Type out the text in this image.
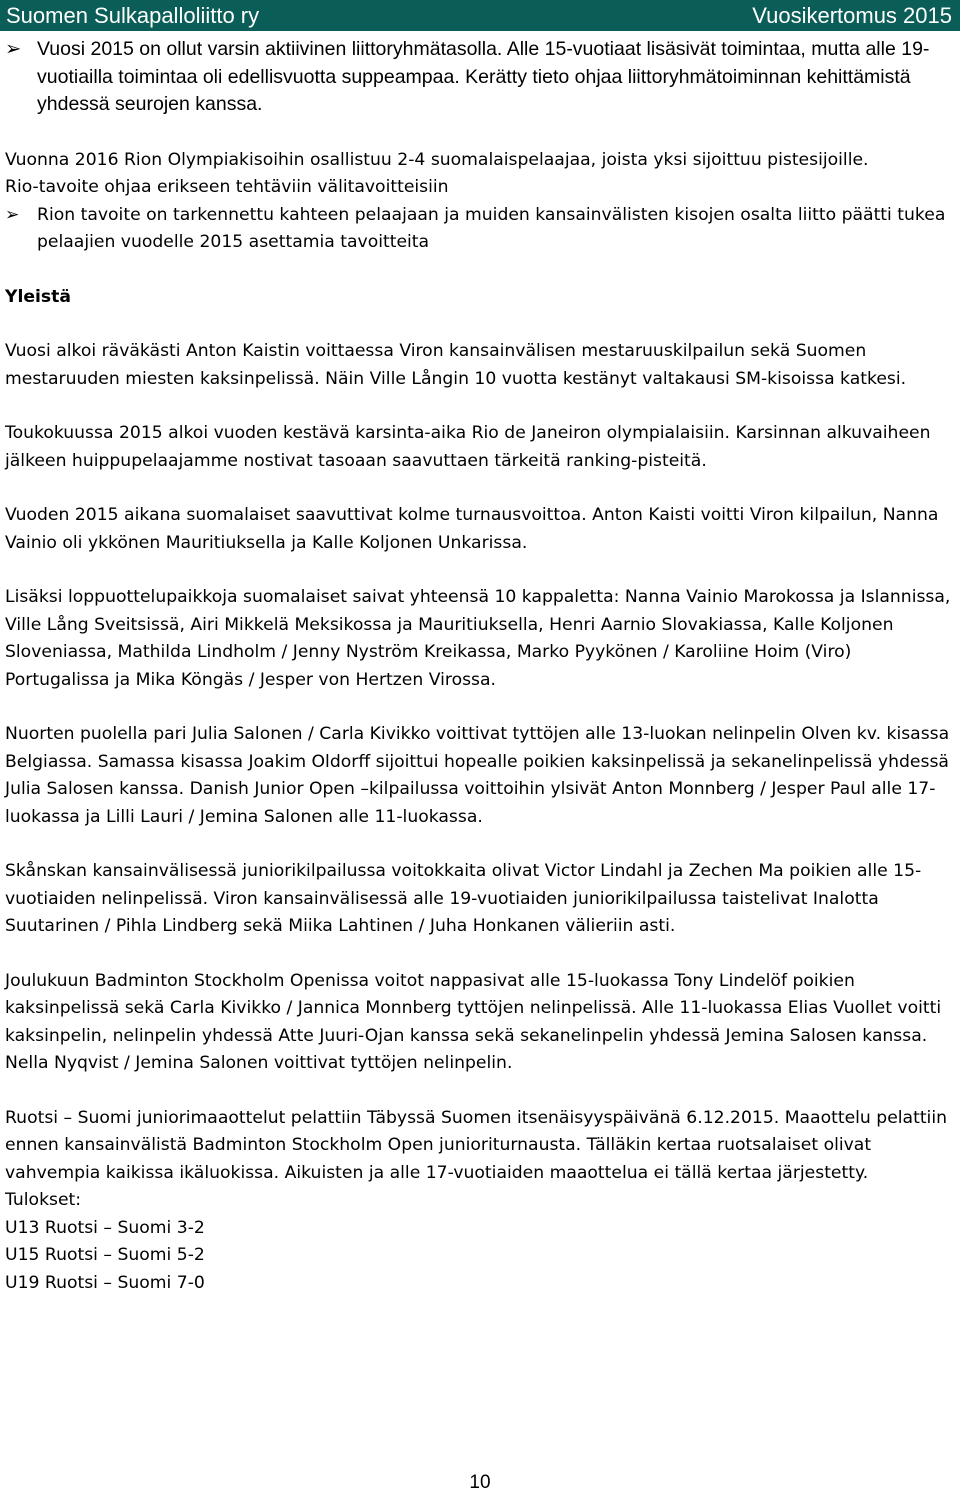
Suomen Sulkapalloliitto ry	Vuosikertomus 2015
➢ Vuosi 2015 on ollut varsin aktiivinen liittoryhmätasolla. Alle 15-vuotiaat lisäsivät toimintaa, mutta alle 19-vuotiailla toimintaa oli edellisvuotta suppeampaa. Kerätty tieto ohjaa liittoryhmätoiminnan kehittämistä yhdessä seurojen kanssa.

Vuonna 2016 Rion Olympiakisoihin osallistuu 2-4 suomalaispelaajaa, joista yksi sijoittuu pistesijoille.

Rio-tavoite ohjaa erikseen tehtäviin välitavoitteisiin

➢	Rion tavoite on tarkennettu kahteen pelaajaan ja muiden kansainvälisten kisojen osalta liitto päätti tukea pelaajien vuodelle 2015 asettamia tavoitteita

Yleistä

Vuosi alkoi räväkästi Anton Kaistin voittaessa Viron kansainvälisen mestaruuskilpailun sekä Suomen mestaruuden miesten kaksinpelissä. Näin Ville Långin 10 vuotta kestänyt valtakausi SM-kisoissa katkesi.

Toukokuussa 2015 alkoi vuoden kestävä karsinta-aika Rio de Janeiron olympialaisiin. Karsinnan alkuvaiheen jälkeen huippupelaajamme nostivat tasoaan saavuttaen tärkeitä ranking-pisteitä.

Vuoden 2015 aikana suomalaiset saavuttivat kolme turnausvoittoa. Anton Kaisti voitti Viron kilpailun, Nanna Vainio oli ykkönen Mauritiuksella ja Kalle Koljonen Unkarissa.

Lisäksi loppuottelupaikkoja suomalaiset saivat yhteensä 10 kappaletta: Nanna Vainio Marokossa ja Islannissa, Ville Lång Sveitsissä, Airi Mikkelä Meksikossa ja Mauritiuksella, Henri Aarnio Slovakiassa, Kalle Koljonen Sloveniassa, Mathilda Lindholm / Jenny Nyström Kreikassa, Marko Pyykönen / Karoliine Hoim (Viro) Portugalissa ja Mika Köngäs / Jesper von Hertzen Virossa.

Nuorten puolella pari Julia Salonen / Carla Kivikko voittivat tyttöjen alle 13-luokan nelinpelin Olven kv. kisassa Belgiassa. Samassa kisassa Joakim Oldorff sijoittui hopealle poikien kaksinpelissä ja sekanelinpelissä yhdessä Julia Salosen kanssa. Danish Junior Open –kilpailussa voittoihin ylsivät Anton Monnberg / Jesper Paul alle 17-luokassa ja Lilli Lauri / Jemina Salonen alle 11-luokassa.

Skånskan kansainvälisessä juniorikilpailussa voitokkaita olivat Victor Lindahl ja Zechen Ma poikien alle 15-vuotiaiden nelinpelissä. Viron kansainvälisessä alle 19-vuotiaiden juniorikilpailussa taistelivat Inalotta Suutarinen / Pihla Lindberg sekä Miika Lahtinen / Juha Honkanen välieriin asti.

Joulukuun Badminton Stockholm Openissa voitot nappasivat alle 15-luokassa Tony Lindelöf poikien kaksinpelissä sekä Carla Kivikko / Jannica Monnberg tyttöjen nelinpelissä. Alle 11-luokassa Elias Vuollet voitti kaksinpelin, nelinpelin yhdessä Atte Juuri-Ojan kanssa sekä sekanelinpelin yhdessä Jemina Salosen kanssa. Nella Nyqvist / Jemina Salonen voittivat tyttöjen nelinpelin.

Ruotsi – Suomi juniorimaaottelut pelattiin Täbyssä Suomen itsenäisyyspäivänä 6.12.2015. Maaottelu pelattiin ennen kansainvälistä Badminton Stockholm Open junioriturnausta. Tälläkin kertaa ruotsalaiset olivat vahvempia kaikissa ikäluokissa. Aikuisten ja alle 17-vuotiaiden maaottelua ei tällä kertaa järjestetty.

Tulokset:

U13 Ruotsi – Suomi 3-2

U15 Ruotsi – Suomi 5-2

U19 Ruotsi – Suomi 7-0

10
